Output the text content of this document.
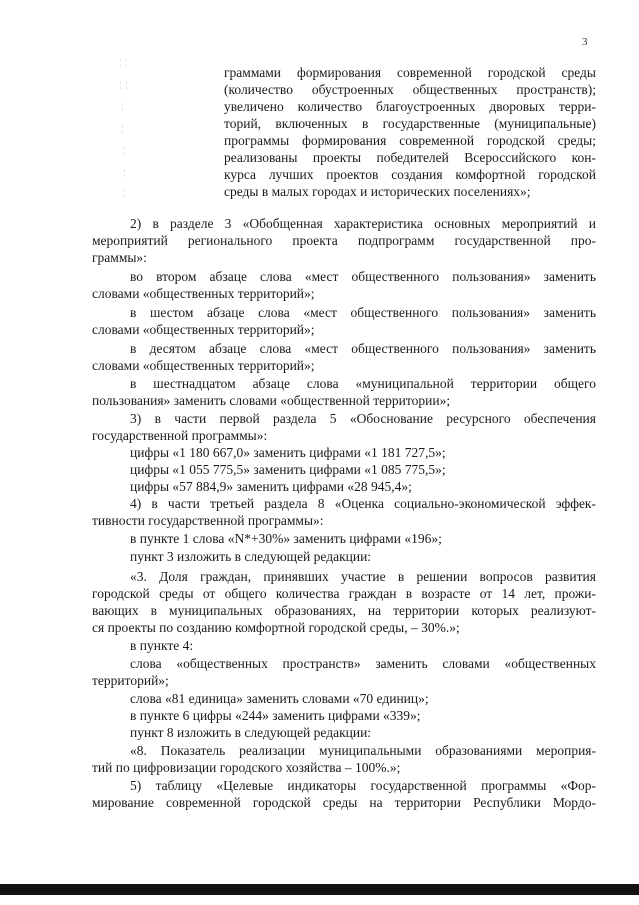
3
¦ ¦
¦ ¦
¦
¦
¦
¦
¦
граммами формирования современной городской среды
(количество обустроенных общественных пространств);
увеличено количество благоустроенных дворовых терри-
торий, включенных в государственные (муниципальные)
программы формирования современной городской среды;
реализованы проекты победителей Всероссийского кон-
курса лучших проектов создания комфортной городской
среды в малых городах и исторических поселениях»;
2) в разделе 3 «Обобщенная характеристика основных мероприятий и
мероприятий регионального проекта подпрограмм государственной про-
граммы»:
во втором абзаце слова «мест общественного пользования» заменить
словами «общественных территорий»;
в шестом абзаце слова «мест общественного пользования» заменить
словами «общественных территорий»;
в десятом абзаце слова «мест общественного пользования» заменить
словами «общественных территорий»;
в шестнадцатом абзаце слова «муниципальной территории общего
пользования» заменить словами «общественной территории»;
3) в части первой раздела 5 «Обоснование ресурсного обеспечения
государственной программы»:
цифры «1 180 667,0» заменить цифрами «1 181 727,5»;
цифры «1 055 775,5» заменить цифрами «1 085 775,5»;
цифры «57 884,9» заменить цифрами «28 945,4»;
4) в части третьей раздела 8 «Оценка социально-экономической эффек-
тивности государственной программы»:
в пункте 1 слова «N*+30%» заменить цифрами «196»;
пункт 3 изложить в следующей редакции:
«3. Доля граждан, принявших участие в решении вопросов развития
городской среды от общего количества граждан в возрасте от 14 лет, прожи-
вающих в муниципальных образованиях, на территории которых реализуют-
ся проекты по созданию комфортной городской среды, – 30%.»;
в пункте 4:
слова «общественных пространств» заменить словами «общественных
территорий»;
слова «81 единица» заменить словами «70 единиц»;
в пункте 6 цифры «244» заменить цифрами «339»;
пункт 8 изложить в следующей редакции:
«8. Показатель реализации муниципальными образованиями мероприя-
тий по цифровизации городского хозяйства – 100%.»;
5) таблицу «Целевые индикаторы государственной программы «Фор-
мирование современной городской среды на территории Республики Мордо-
